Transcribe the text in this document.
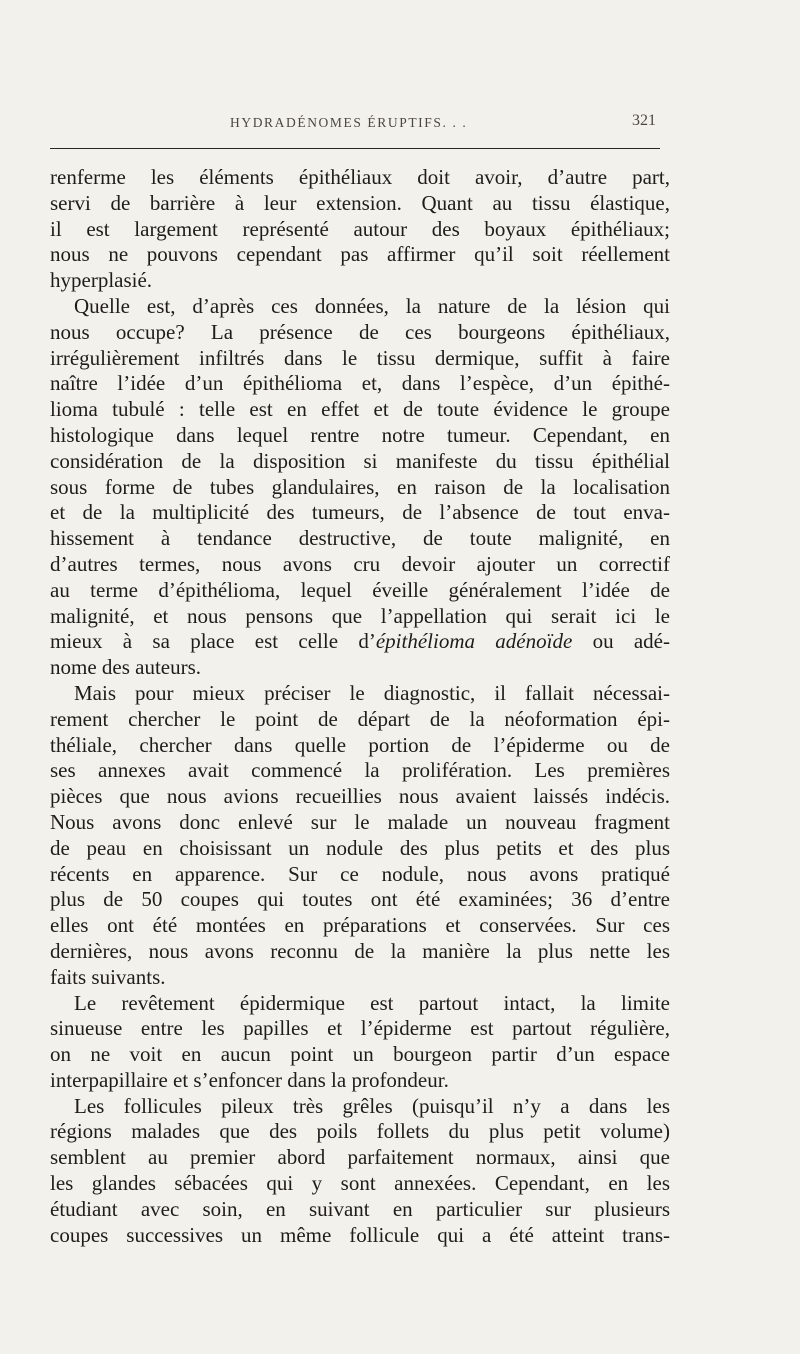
HYDRADÉNOMES ÉRUPTIFS. . .	321
renferme les éléments épithéliaux doit avoir, d’autre part,
servi de barrière à leur extension. Quant au tissu élastique,
il est largement représenté autour des boyaux épithéliaux;
nous ne pouvons cependant pas affirmer qu’il soit réellement
hyperplasié.
Quelle est, d’après ces données, la nature de la lésion qui
nous occupe? La présence de ces bourgeons épithéliaux,
irrégulièrement infiltrés dans le tissu dermique, suffit à faire
naître l’idée d’un épithélioma et, dans l’espèce, d’un épithé-
lioma tubulé : telle est en effet et de toute évidence le groupe
histologique dans lequel rentre notre tumeur. Cependant, en
considération de la disposition si manifeste du tissu épithélial
sous forme de tubes glandulaires, en raison de la localisation
et de la multiplicité des tumeurs, de l’absence de tout enva-
hissement à tendance destructive, de toute malignité, en
d’autres termes, nous avons cru devoir ajouter un correctif
au terme d’épithélioma, lequel éveille généralement l’idée de
malignité, et nous pensons que l’appellation qui serait ici le
mieux à sa place est celle d’épithélioma adénoïde ou adé-
nome des auteurs.
Mais pour mieux préciser le diagnostic, il fallait nécessai-
rement chercher le point de départ de la néoformation épi-
théliale, chercher dans quelle portion de l’épiderme ou de
ses annexes avait commencé la prolifération. Les premières
pièces que nous avions recueillies nous avaient laissés indécis.
Nous avons donc enlevé sur le malade un nouveau fragment
de peau en choisissant un nodule des plus petits et des plus
récents en apparence. Sur ce nodule, nous avons pratiqué
plus de 50 coupes qui toutes ont été examinées; 36 d’entre
elles ont été montées en préparations et conservées. Sur ces
dernières, nous avons reconnu de la manière la plus nette les
faits suivants.
Le revêtement épidermique est partout intact, la limite
sinueuse entre les papilles et l’épiderme est partout régulière,
on ne voit en aucun point un bourgeon partir d’un espace
interpapillaire et s’enfoncer dans la profondeur.
Les follicules pileux très grêles (puisqu’il n’y a dans les
régions malades que des poils follets du plus petit volume)
semblent au premier abord parfaitement normaux, ainsi que
les glandes sébacées qui y sont annexées. Cependant, en les
étudiant avec soin, en suivant en particulier sur plusieurs
coupes successives un même follicule qui a été atteint trans-
